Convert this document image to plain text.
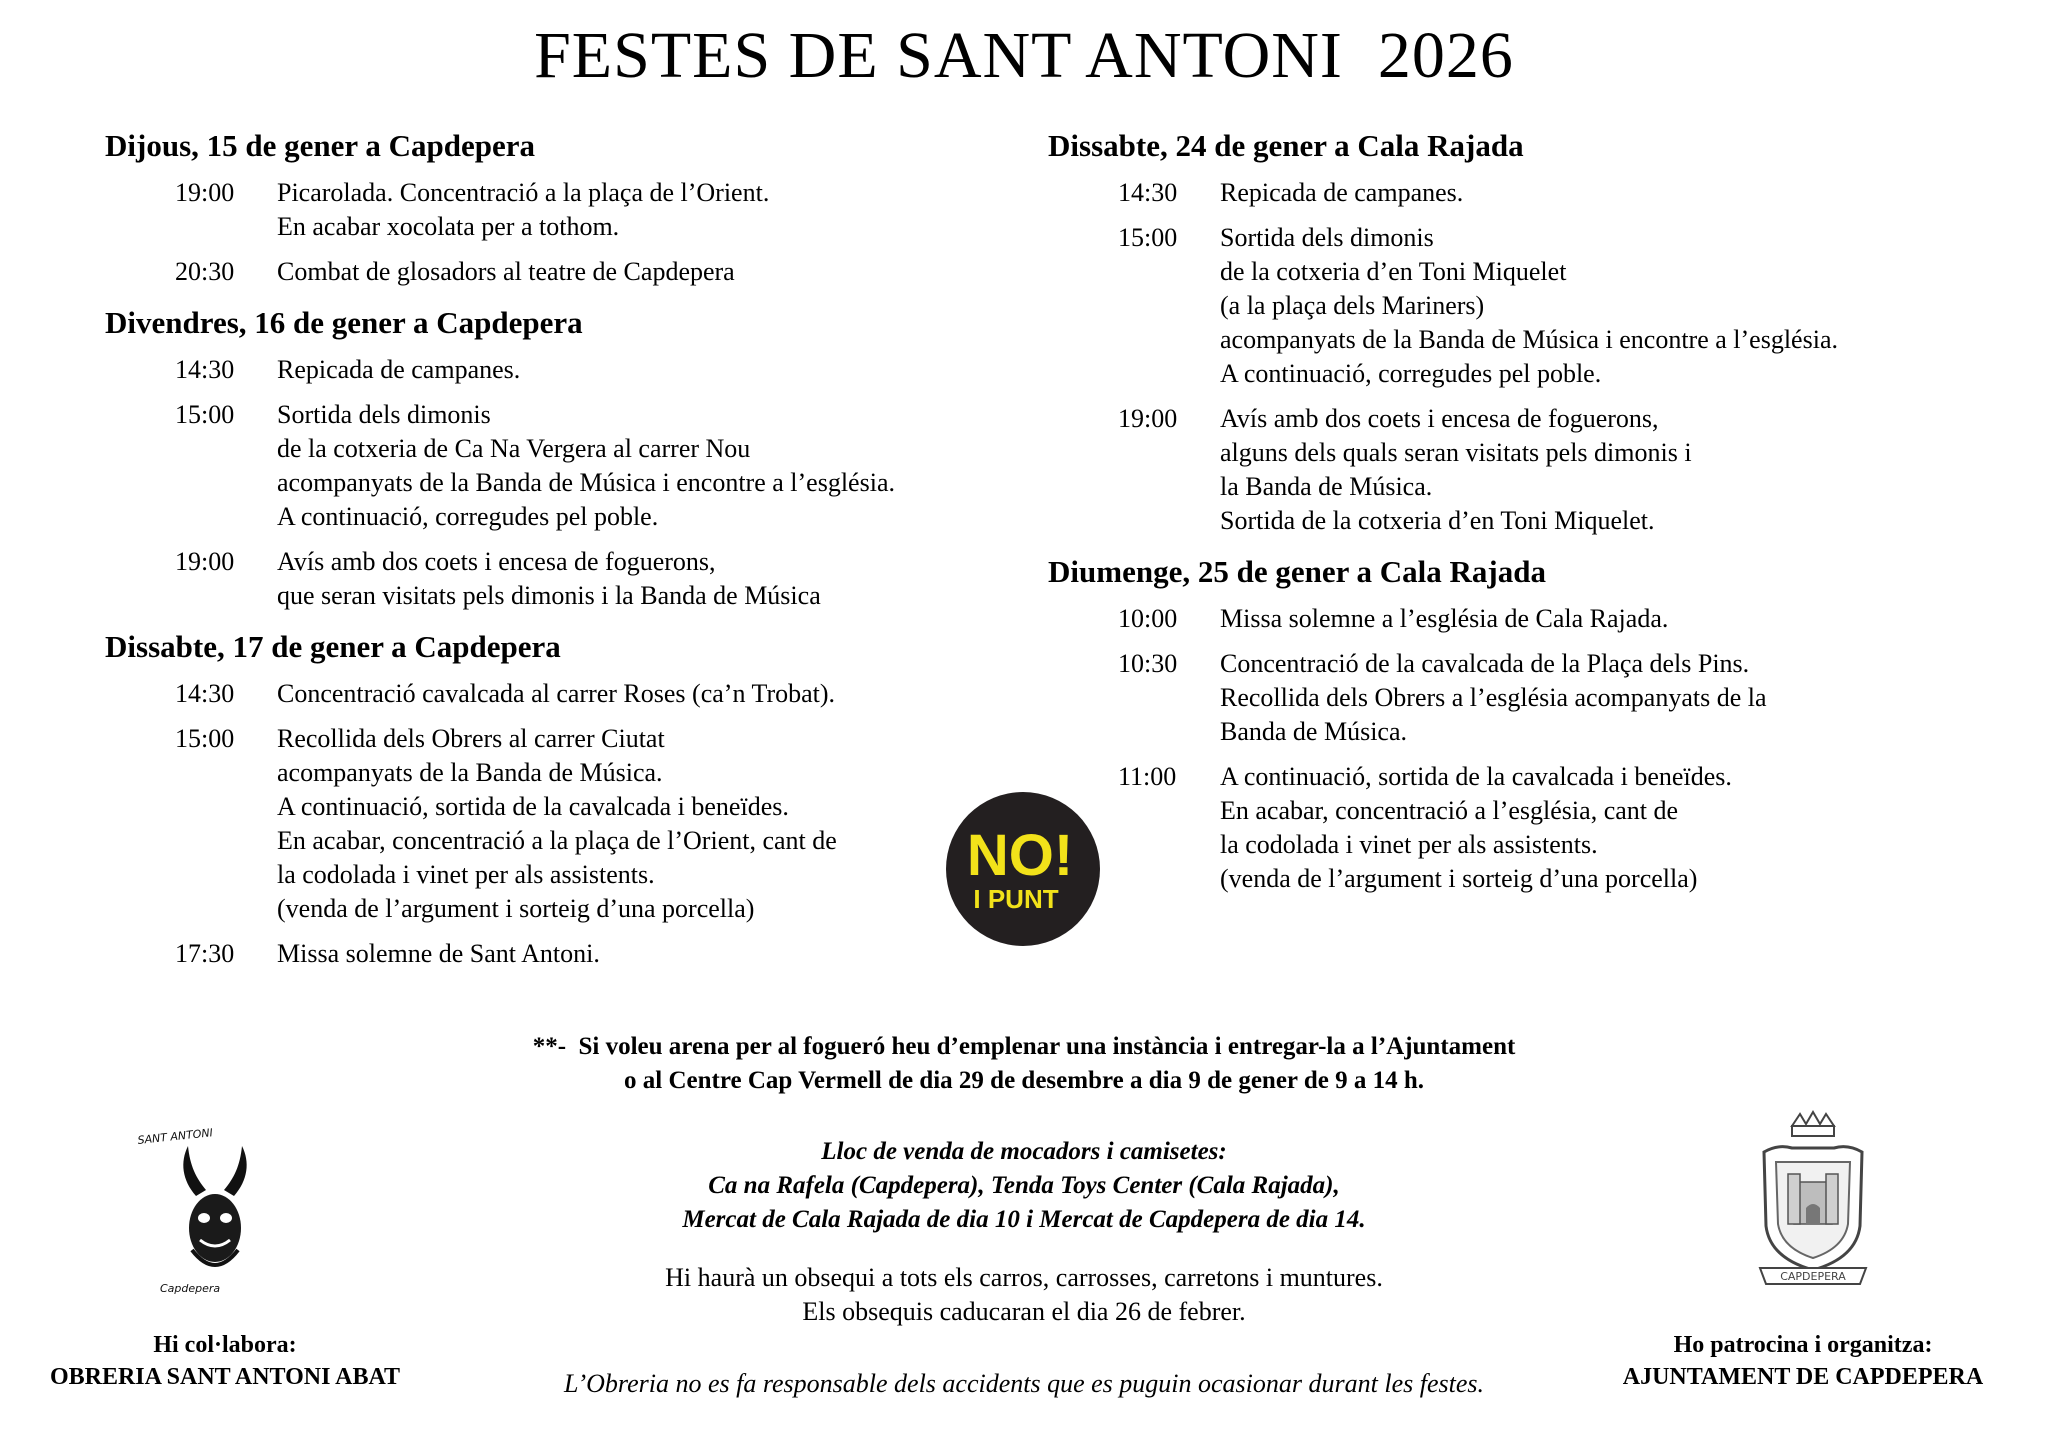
FESTES DE SANT ANTONI  2026
Dijous, 15 de gener a Capdepera
19:00	Picarolada. Concentració a la plaça de l’Orient.
En acabar xocolata per a tothom.
20:30	Combat de glosadors al teatre de Capdepera
Divendres, 16 de gener a Capdepera
14:30	Repicada de campanes.
15:00	Sortida dels dimonis
de la cotxeria de Ca Na Vergera al carrer Nou
acompanyats de la Banda de Música i encontre a l’església.
A continuació, corregudes pel poble.
19:00	Avís amb dos coets i encesa de foguerons,
que seran visitats pels dimonis i la Banda de Música
Dissabte, 17 de gener a Capdepera
14:30	Concentració cavalcada al carrer Roses (ca’n Trobat).
15:00	Recollida dels Obrers al carrer Ciutat
acompanyats de la Banda de Música.
A continuació, sortida de la cavalcada i beneïdes.
En acabar, concentració a la plaça de l’Orient, cant de
la codolada i vinet per als assistents.
(venda de l’argument i sorteig d’una porcella)
17:30	Missa solemne de Sant Antoni.
Dissabte, 24 de gener a Cala Rajada
14:30	Repicada de campanes.
15:00	Sortida dels dimonis
de la cotxeria d’en Toni Miquelet
(a la plaça dels Mariners)
acompanyats de la Banda de Música i encontre a l’església.
A continuació, corregudes pel poble.
19:00	Avís amb dos coets i encesa de foguerons,
alguns dels quals seran visitats pels dimonis i
la Banda de Música.
Sortida de la cotxeria d’en Toni Miquelet.
Diumenge, 25 de gener a Cala Rajada
10:00	Missa solemne a l’església de Cala Rajada.
10:30	Concentració de la cavalcada de la Plaça dels Pins.
Recollida dels Obrers a l’església acompanyats de la
Banda de Música.
11:00	A continuació, sortida de la cavalcada i beneïdes.
En acabar, concentració a l’església, cant de
la codolada i vinet per als assistents.
(venda de l’argument i sorteig d’una porcella)
NO!
I PUNT
**-  Si voleu arena per al fogueró heu d’emplenar una instància i entregar-la a l’Ajuntament
o al Centre Cap Vermell de dia 29 de desembre a dia 9 de gener de 9 a 14 h.
Lloc de venda de mocadors i camisetes:
Ca na Rafela (Capdepera), Tenda Toys Center (Cala Rajada),
Mercat de Cala Rajada de dia 10 i Mercat de Capdepera de dia 14.
Hi haurà un obsequi a tots els carros, carrosses, carretons i muntures.
Els obsequis caducaran el dia 26 de febrer.
L’Obreria no es fa responsable dels accidents que es puguin ocasionar durant les festes.
SANT ANTONI
Capdepera
CAPDEPERA
Hi col·labora:
OBRERIA SANT ANTONI ABAT
Ho patrocina i organitza:
AJUNTAMENT DE CAPDEPERA
